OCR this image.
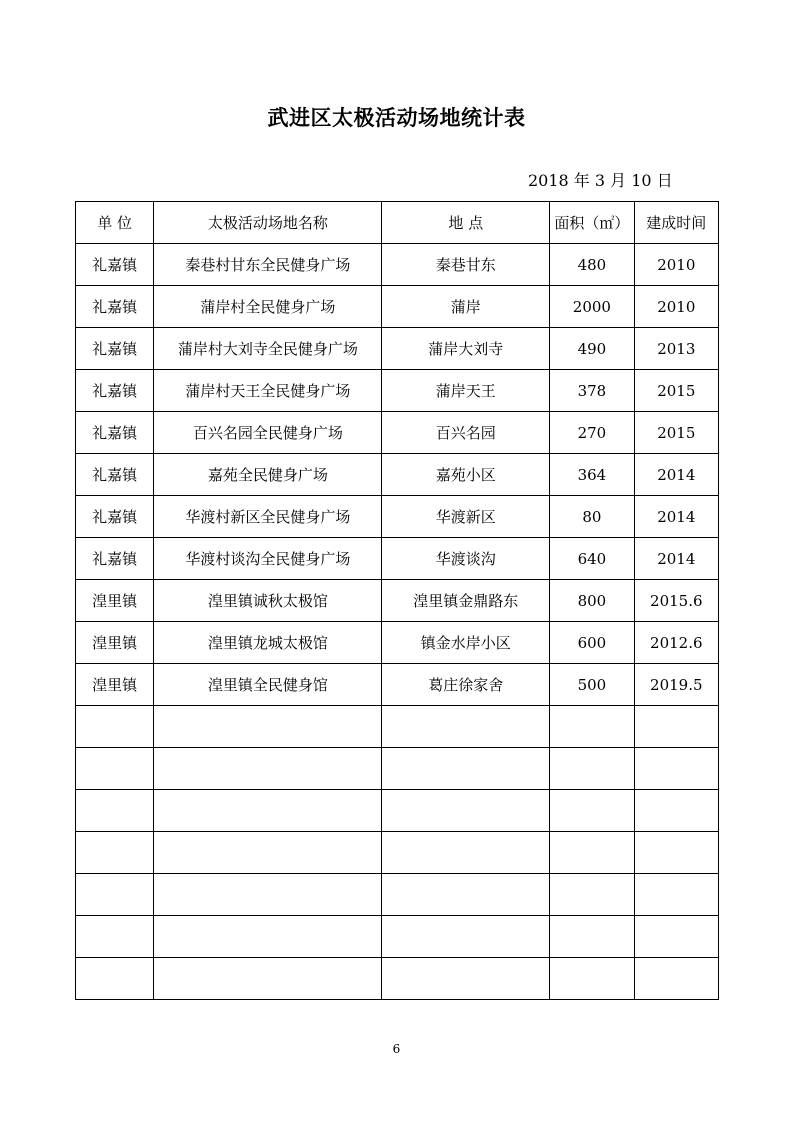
武进区太极活动场地统计表
2018 年 3 月 10 日
单 位	太极活动场地名称	地 点	面积（㎡）	建成时间
礼嘉镇	秦巷村甘东全民健身广场	秦巷甘东	480	2010
礼嘉镇	蒲岸村全民健身广场	蒲岸	2000	2010
礼嘉镇	蒲岸村大刘寺全民健身广场	蒲岸大刘寺	490	2013
礼嘉镇	蒲岸村天王全民健身广场	蒲岸天王	378	2015
礼嘉镇	百兴名园全民健身广场	百兴名园	270	2015
礼嘉镇	嘉苑全民健身广场	嘉苑小区	364	2014
礼嘉镇	华渡村新区全民健身广场	华渡新区	80	2014
礼嘉镇	华渡村谈沟全民健身广场	华渡谈沟	640	2014
湟里镇	湟里镇诚秋太极馆	湟里镇金鼎路东	800	2015.6
湟里镇	湟里镇龙城太极馆	镇金水岸小区	600	2012.6
湟里镇	湟里镇全民健身馆	葛庄徐家舍	500	2019.5

6
